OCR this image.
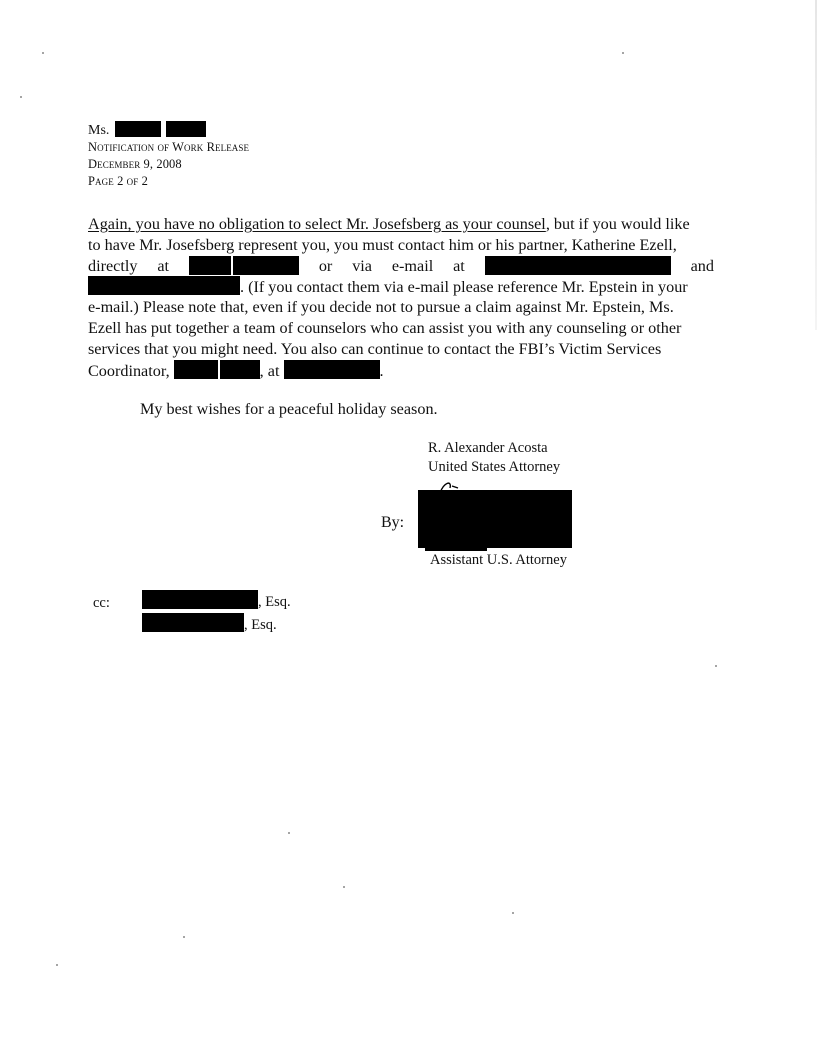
Ms.
Notification of Work Release
December 9, 2008
Page 2 of 2
Again, you have no obligation to select Mr. Josefsberg as your counsel, but if you would like
to have Mr. Josefsberg represent you, you must contact him or his partner, Katherine Ezell,
directly at	or via e-mail at	and
. (If you contact them via e-mail please reference Mr. Epstein in your
e-mail.) Please note that, even if you decide not to pursue a claim against Mr. Epstein, Ms.
Ezell has put together a team of counselors who can assist you with any counseling or other
services that you might need. You also can continue to contact the FBI’s Victim Services
Coordinator,	, at	.
My best wishes for a peaceful holiday season.
R. Alexander Acosta
United States Attorney
By:
Assistant U.S. Attorney
cc:	, Esq.
, Esq.
